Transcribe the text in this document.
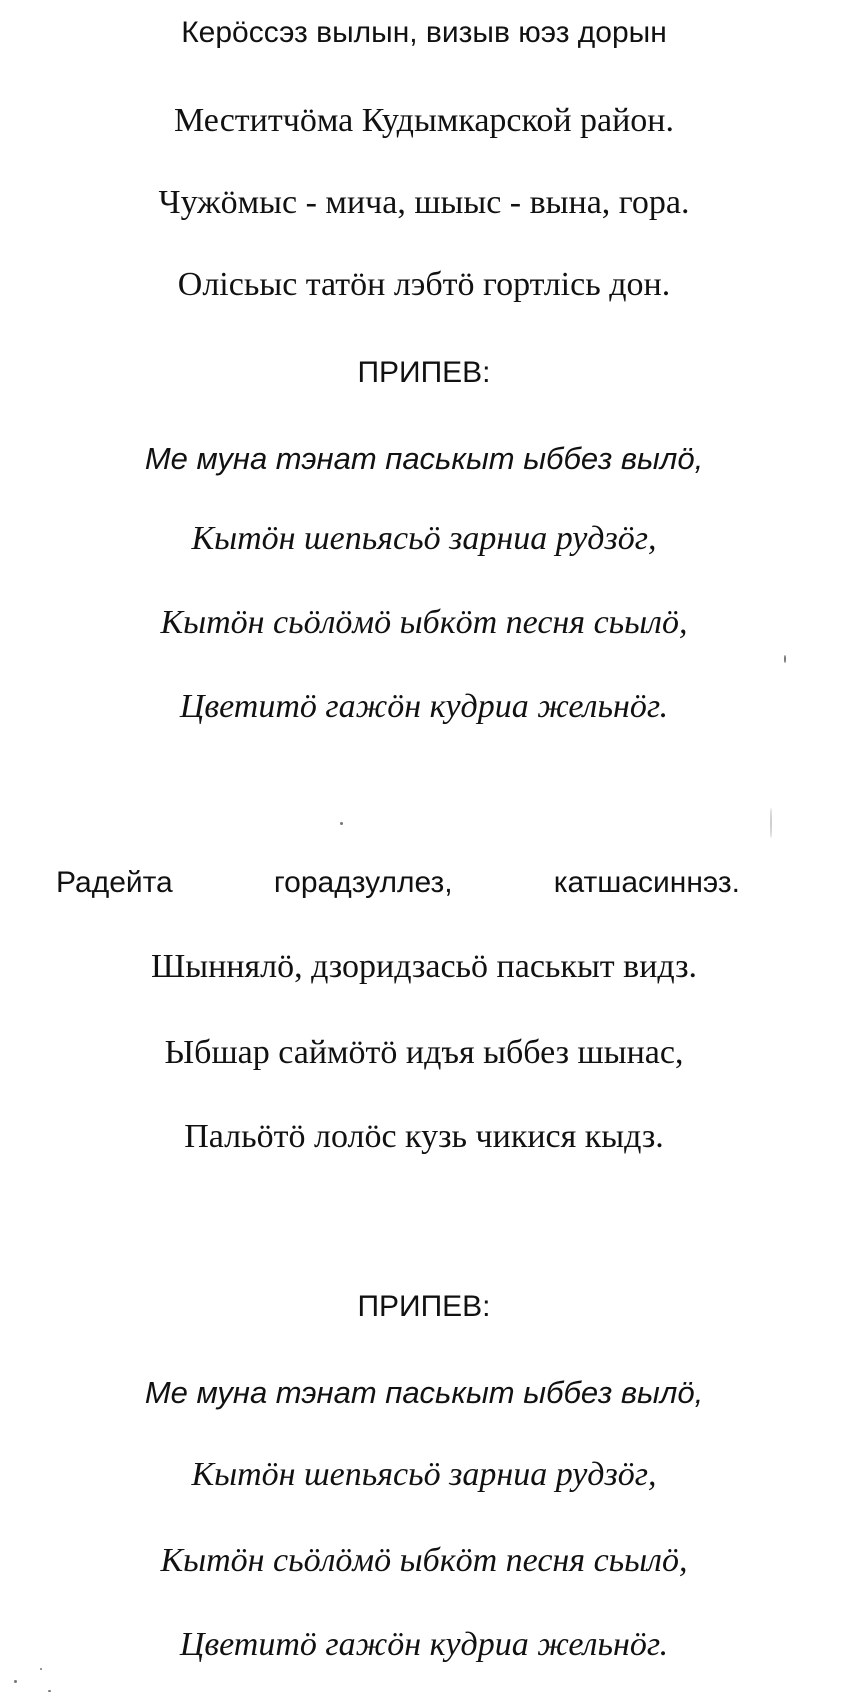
Керöссэз вылын, визыв юэз дорын
Меститчöма Кудымкарской район.
Чужöмыс - мича, шыыс - вына, гора.
Олiсьыс татöн лэбтö гортлiсь дон.
ПРИПЕВ:
Ме муна тэнат паськыт ыббез вылö,
Кытöн шепьясьö зарниа рудзöг,
Кытöн сьöлöмö ыбкöт песня сьылö,
Цветитö гажöн кудриа жельнöг.
Радейта	горадзуллез,	катшасиннэз.
Шыннялö, дзоридзасьö паськыт видз.
Ыбшар саймöтö идъя ыббез шынас,
Пальöтö лолöс кузь чикися кыдз.
ПРИПЕВ:
Ме муна тэнат паськыт ыббез вылö,
Кытöн шепьясьö зарниа рудзöг,
Кытöн сьöлöмö ыбкöт песня сьылö,
Цветитö гажöн кудриа жельнöг.
